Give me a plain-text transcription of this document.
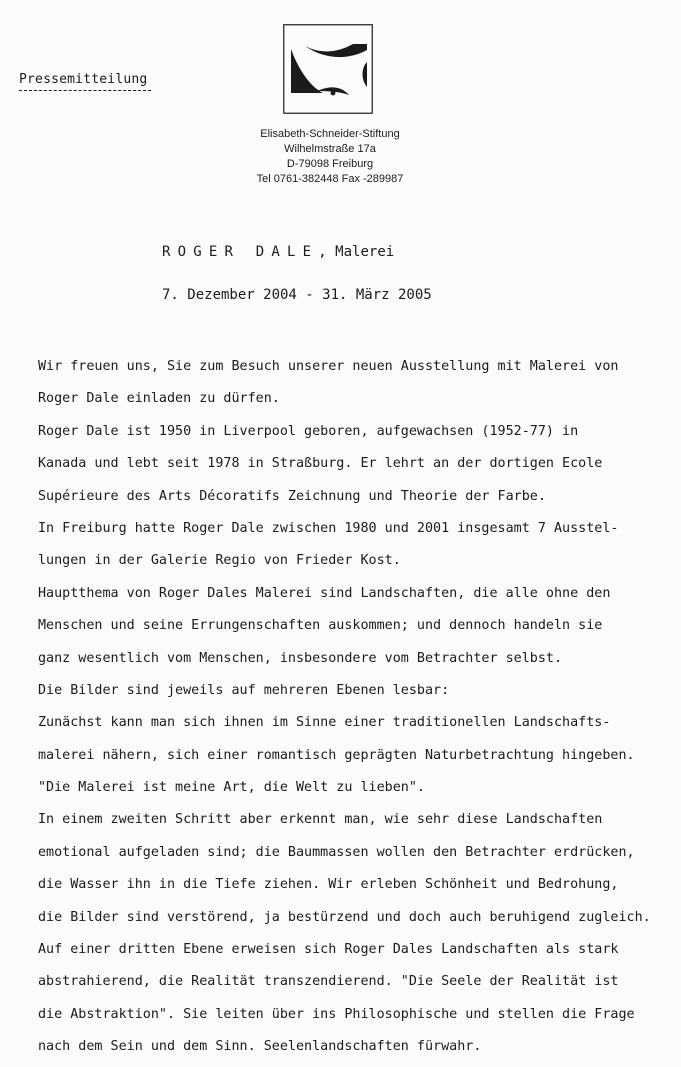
Pressemitteilung
Elisabeth-Schneider-Stiftung
Wilhelmstraße 17a
D-79098 Freiburg
Tel 0761-382448 Fax -289987
ROGER DALE, Malerei
7. Dezember 2004 - 31. März 2005
Wir freuen uns, Sie zum Besuch unserer neuen Ausstellung mit Malerei von
Roger Dale einladen zu dürfen.
Roger Dale ist 1950 in Liverpool geboren, aufgewachsen (1952-77) in
Kanada und lebt seit 1978 in Straßburg. Er lehrt an der dortigen Ecole
Supérieure des Arts Décoratifs Zeichnung und Theorie der Farbe.
In Freiburg hatte Roger Dale zwischen 1980 und 2001 insgesamt 7 Ausstel-
lungen in der Galerie Regio von Frieder Kost.
Hauptthema von Roger Dales Malerei sind Landschaften, die alle ohne den
Menschen und seine Errungenschaften auskommen; und dennoch handeln sie
ganz wesentlich vom Menschen, insbesondere vom Betrachter selbst.
Die Bilder sind jeweils auf mehreren Ebenen lesbar:
Zunächst kann man sich ihnen im Sinne einer traditionellen Landschafts-
malerei nähern, sich einer romantisch geprägten Naturbetrachtung hingeben.
"Die Malerei ist meine Art, die Welt zu lieben".
In einem zweiten Schritt aber erkennt man, wie sehr diese Landschaften
emotional aufgeladen sind; die Baummassen wollen den Betrachter erdrücken,
die Wasser ihn in die Tiefe ziehen. Wir erleben Schönheit und Bedrohung,
die Bilder sind verstörend, ja bestürzend und doch auch beruhigend zugleich.
Auf einer dritten Ebene erweisen sich Roger Dales Landschaften als stark
abstrahierend, die Realität transzendierend. "Die Seele der Realität ist
die Abstraktion". Sie leiten über ins Philosophische und stellen die Frage
nach dem Sein und dem Sinn. Seelenlandschaften fürwahr.
